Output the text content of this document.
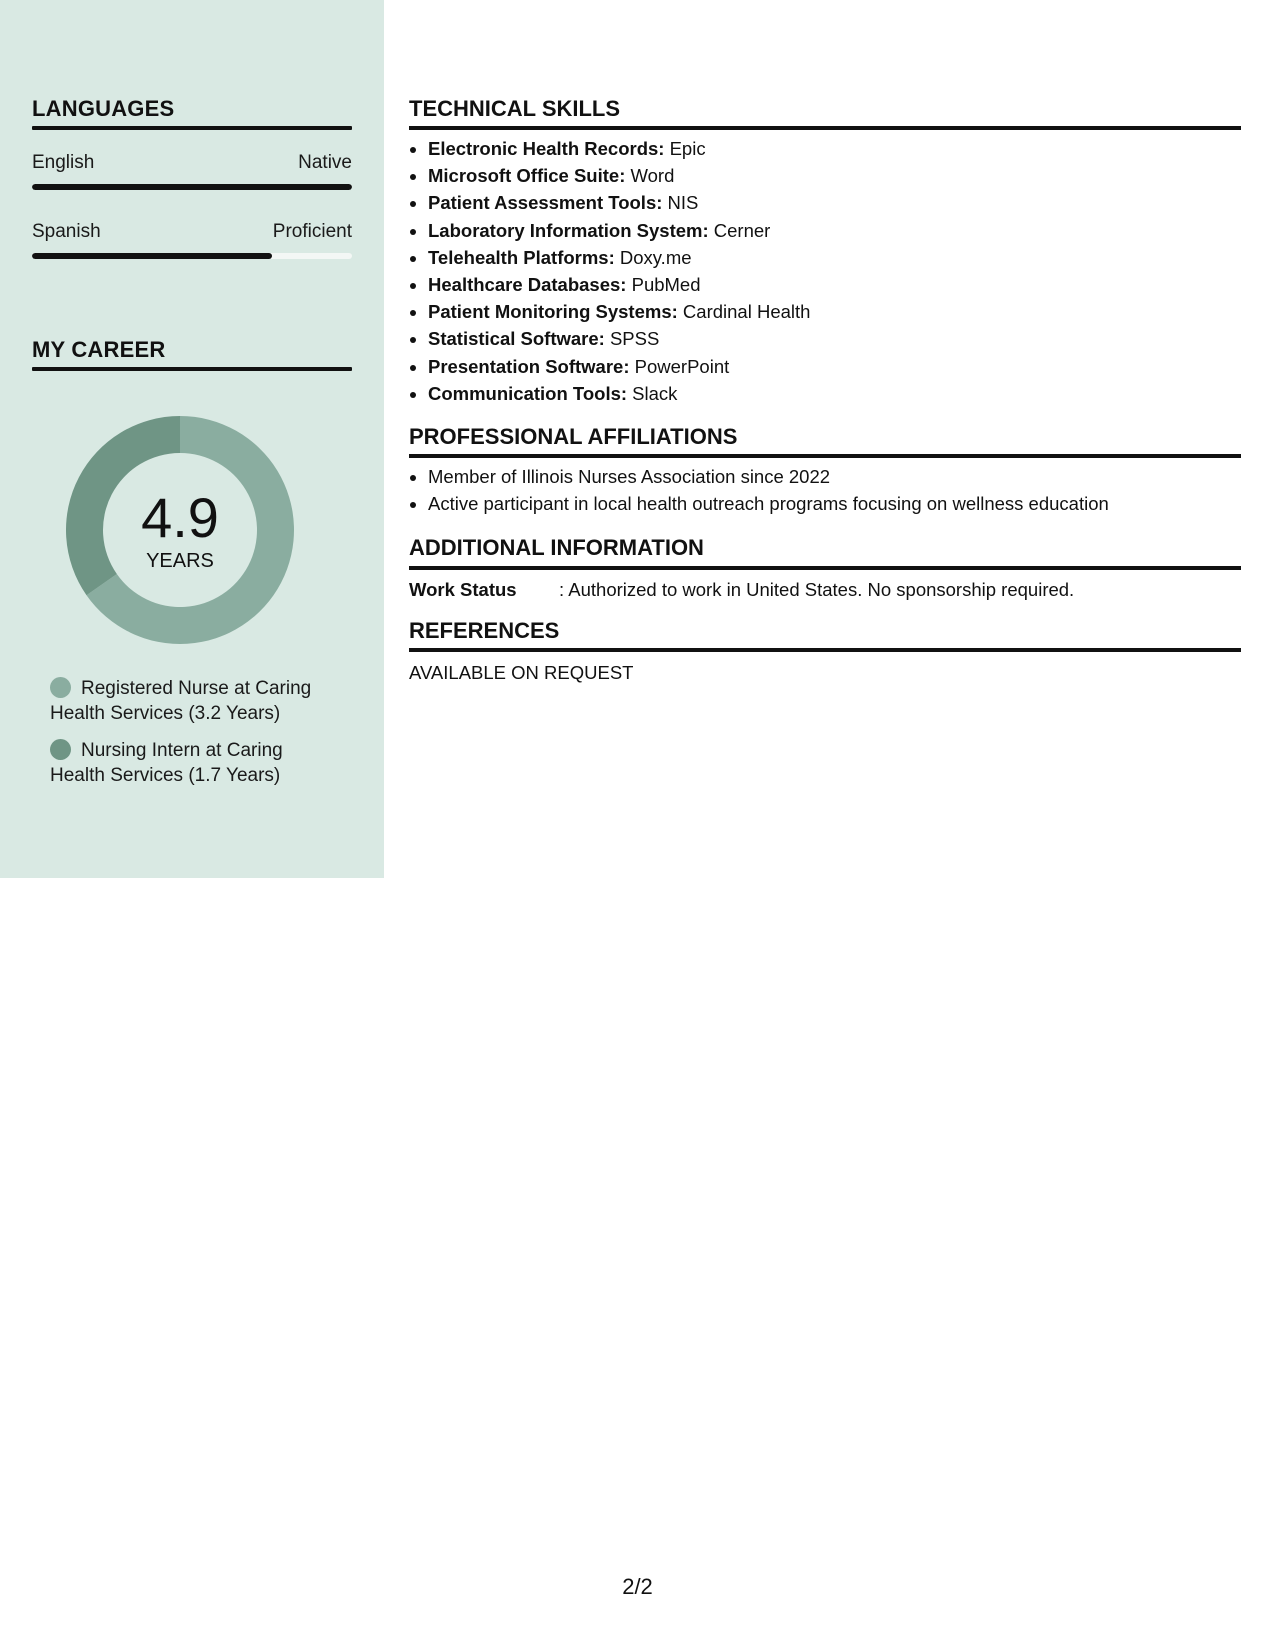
LANGUAGES
English	Native
Spanish	Proficient
MY CAREER
4.9
YEARS
Registered Nurse at Caring Health Services (3.2 Years)
Nursing Intern at Caring Health Services (1.7 Years)
TECHNICAL SKILLS
• Electronic Health Records: Epic
• Microsoft Office Suite: Word
• Patient Assessment Tools: NIS
• Laboratory Information System: Cerner
• Telehealth Platforms: Doxy.me
• Healthcare Databases: PubMed
• Patient Monitoring Systems: Cardinal Health
• Statistical Software: SPSS
• Presentation Software: PowerPoint
• Communication Tools: Slack
PROFESSIONAL AFFILIATIONS
• Member of Illinois Nurses Association since 2022
• Active participant in local health outreach programs focusing on wellness education
ADDITIONAL INFORMATION
Work Status : Authorized to work in United States. No sponsorship required.
REFERENCES
AVAILABLE ON REQUEST
2/2
